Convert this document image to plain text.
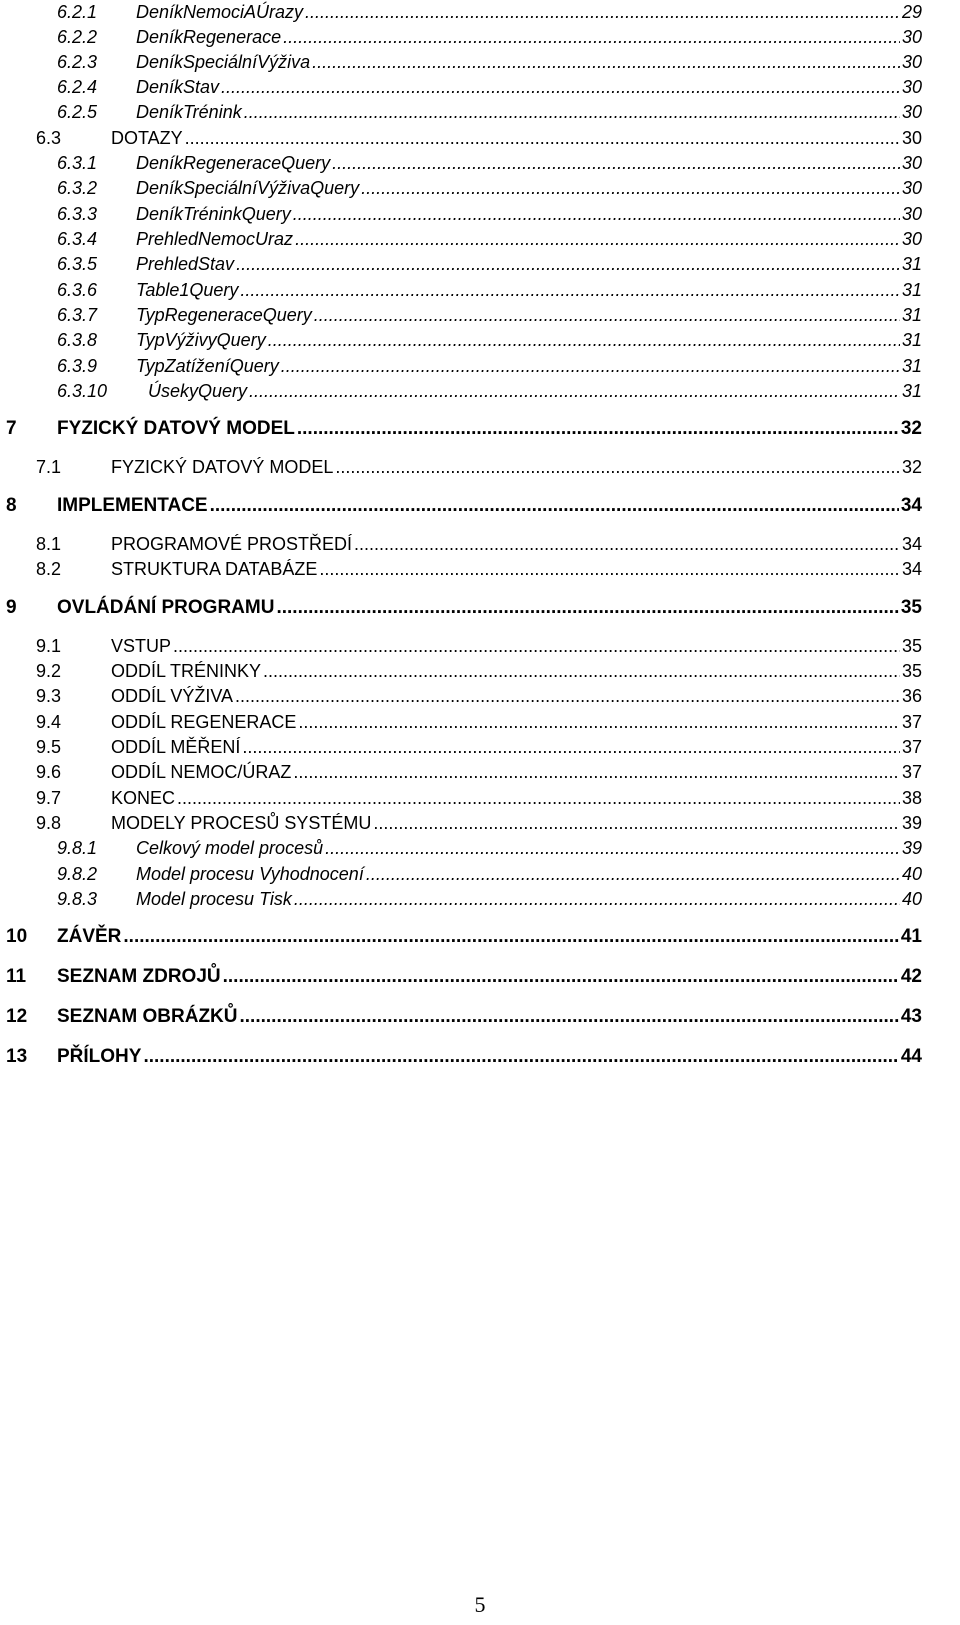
6.2.1 DeníkNemociAÚrazy .....	29
6.2.2 DeníkRegenerace .....	30
6.2.3 DeníkSpeciálníVýživa .....	30
6.2.4 DeníkStav .....	30
6.2.5 DeníkTrénink .....	30
6.3	DOTAZY .....	30
6.3.1 DeníkRegeneraceQuery .....	30
6.3.2 DeníkSpeciálníVýživaQuery .....	30
6.3.3 DeníkTréninkQuery .....	30
6.3.4 PrehledNemocUraz .....	30
6.3.5 PrehledStav .....	31
6.3.6 Table1Query .....	31
6.3.7 TypRegeneraceQuery .....	31
6.3.8 TypVýživyQuery .....	31
6.3.9 TypZatíženíQuery .....	31
6.3.10 ÚsekyQuery .....	31
7 FYZICKÝ DATOVÝ MODEL .....	32
7.1	FYZICKÝ DATOVÝ MODEL .....	32
8 IMPLEMENTACE .....	34
8.1	PROGRAMOVÉ PROSTŘEDÍ .....	34
8.2	STRUKTURA DATABÁZE .....	34
9 OVLÁDÁNÍ PROGRAMU .....	35
9.1	VSTUP .....	35
9.2	ODDÍL TRÉNINKY .....	35
9.3	ODDÍL VÝŽIVA .....	36
9.4	ODDÍL REGENERACE .....	37
9.5	ODDÍL MĚŘENÍ .....	37
9.6	ODDÍL NEMOC/ÚRAZ .....	37
9.7	KONEC .....	38
9.8	MODELY PROCESŮ SYSTÉMU .....	39
9.8.1 Celkový model procesů .....	39
9.8.2 Model procesu Vyhodnocení .....	40
9.8.3 Model procesu Tisk .....	40
10 ZÁVĚR .....	41
11 SEZNAM ZDROJŮ .....	42
12 SEZNAM OBRÁZKŮ .....	43
13 PŘÍLOHY .....	44
5
